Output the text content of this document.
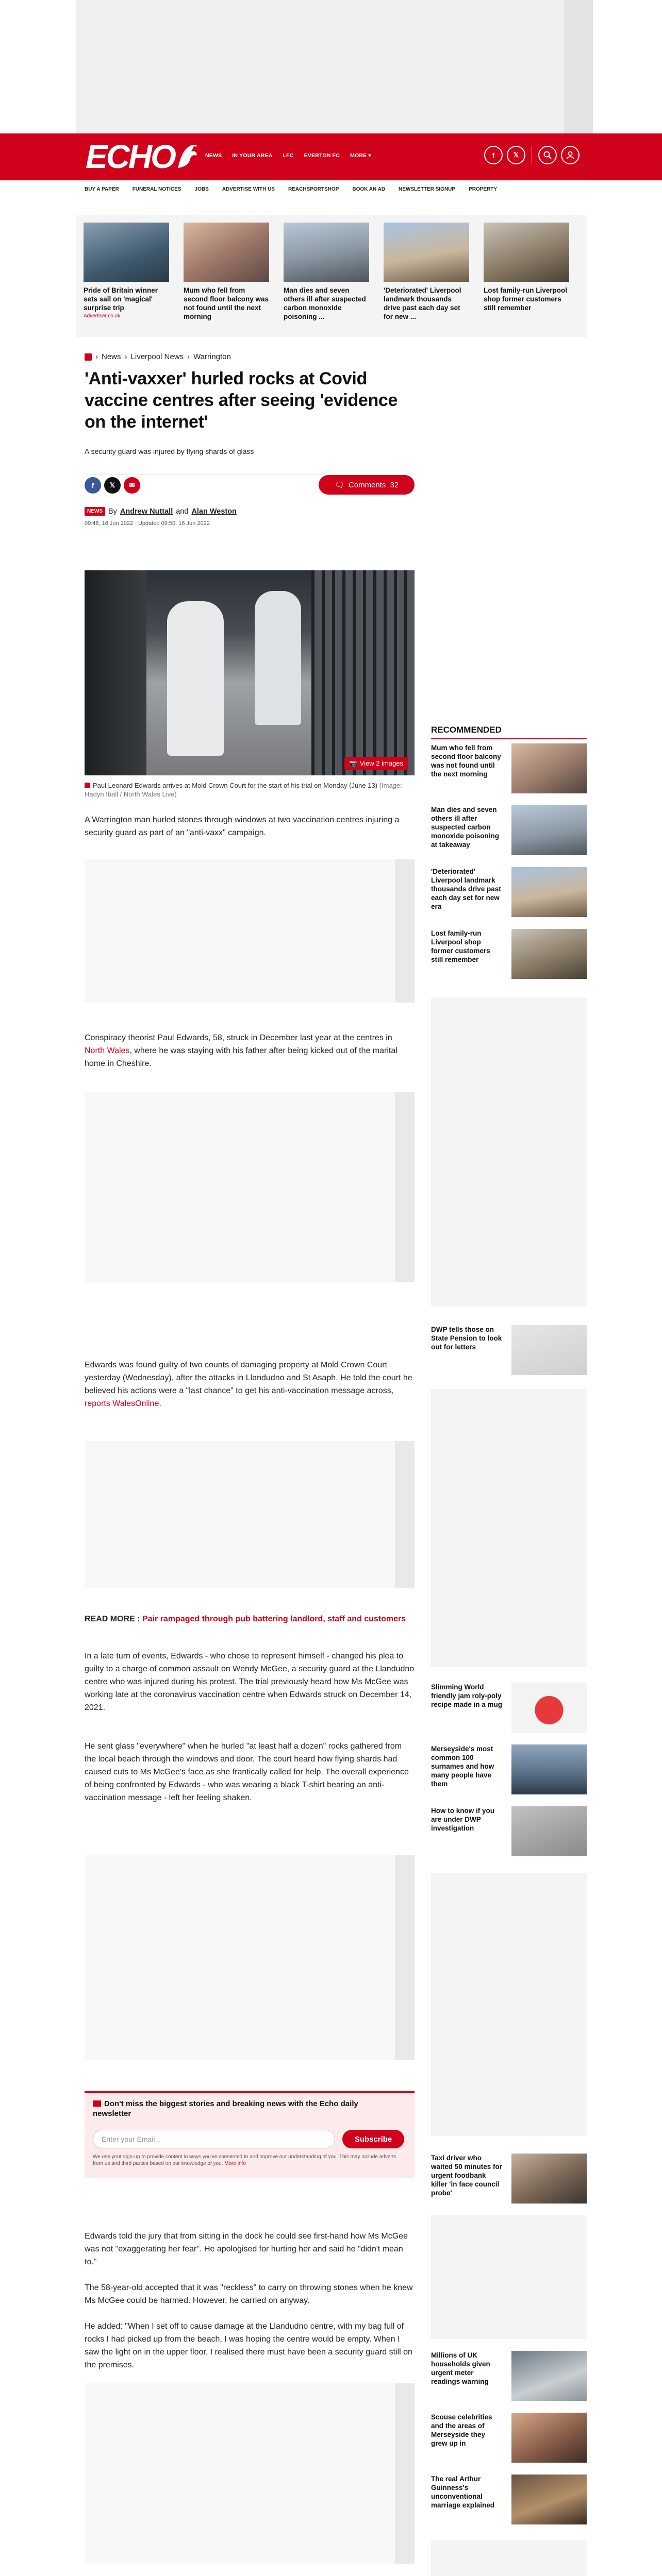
ECHO	NEWS IN YOUR AREA LFC EVERTON FC MORE ▾	f	𝕏
BUY A PAPER	FUNERAL NOTICES	JOBS	ADVERTISE WITH US	REACHSPORTSHOP	BOOK AN AD	NEWSLETTER SIGNUP	PROPERTY
Pride of Britain winner sets sail on 'magical' surprise trip
Advertiser.co.uk
Mum who fell from second floor balcony was not found until the next morning
Man dies and seven others ill after suspected carbon monoxide poisoning ...
'Deteriorated' Liverpool landmark thousands drive past each day set for new ...
Lost family-run Liverpool shop former customers still remember
› News › Liverpool News › Warrington
'Anti-vaxxer' hurled rocks at Covid vaccine centres after seeing 'evidence on the internet'
A security guard was injured by flying shards of glass
f	𝕏	✉	🗨 Comments 32
NEWS By Andrew Nuttall and Alan Weston
09:48, 16 Jun 2022 · Updated 09:50, 16 Jun 2022
📷 View 2 images
Paul Leonard Edwards arrives at Mold Crown Court for the start of his trial on Monday (June 13) (Image: Hadyn Iball / North Wales Live)
A Warrington man hurled stones through windows at two vaccination centres injuring a security guard as part of an "anti-vaxx" campaign.
Conspiracy theorist Paul Edwards, 58, struck in December last year at the centres in North Wales, where he was staying with his father after being kicked out of the marital home in Cheshire.
Edwards was found guilty of two counts of damaging property at Mold Crown Court yesterday (Wednesday), after the attacks in Llandudno and St Asaph. He told the court he believed his actions were a "last chance" to get his anti-vaccination message across, reports WalesOnline.
READ MORE : Pair rampaged through pub battering landlord, staff and customers
In a late turn of events, Edwards - who chose to represent himself - changed his plea to guilty to a charge of common assault on Wendy McGee, a security guard at the Llandudno centre who was injured during his protest. The trial previously heard how Ms McGee was working late at the coronavirus vaccination centre when Edwards struck on December 14, 2021.
He sent glass "everywhere" when he hurled "at least half a dozen" rocks gathered from the local beach through the windows and door. The court heard how flying shards had caused cuts to Ms McGee's face as she frantically called for help. The overall experience of being confronted by Edwards - who was wearing a black T-shirt bearing an anti-vaccination message - left her feeling shaken.
Don't miss the biggest stories and breaking news with the Echo daily newsletter
Enter your Email...	Subscribe
We use your sign-up to provide content in ways you've consented to and improve our understanding of you. This may include adverts from us and third parties based on our knowledge of you. More info
Edwards told the jury that from sitting in the dock he could see first-hand how Ms McGee was not "exaggerating her fear". He apologised for hurting her and said he "didn't mean to."
The 58-year-old accepted that it was "reckless" to carry on throwing stones when he knew Ms McGee could be harmed. However, he carried on anyway.
He added: "When I set off to cause damage at the Llandudno centre, with my bag full of rocks I had picked up from the beach, I was hoping the centre would be empty. When I saw the light on in the upper floor, I realised there must have been a security guard still on the premises.
RECOMMENDED
Mum who fell from second floor balcony was not found until the next morning
Man dies and seven others ill after suspected carbon monoxide poisoning at takeaway
'Deteriorated' Liverpool landmark thousands drive past each day set for new era
Lost family-run Liverpool shop former customers still remember
DWP tells those on State Pension to look out for letters
Slimming World friendly jam roly-poly recipe made in a mug
Merseyside's most common 100 surnames and how many people have them
How to know if you are under DWP investigation
Taxi driver who waited 50 minutes for urgent foodbank killer 'in face council probe'
Millions of UK households given urgent meter readings warning
Scouse celebrities and the areas of Merseyside they grew up in
The real Arthur Guinness's unconventional marriage explained
